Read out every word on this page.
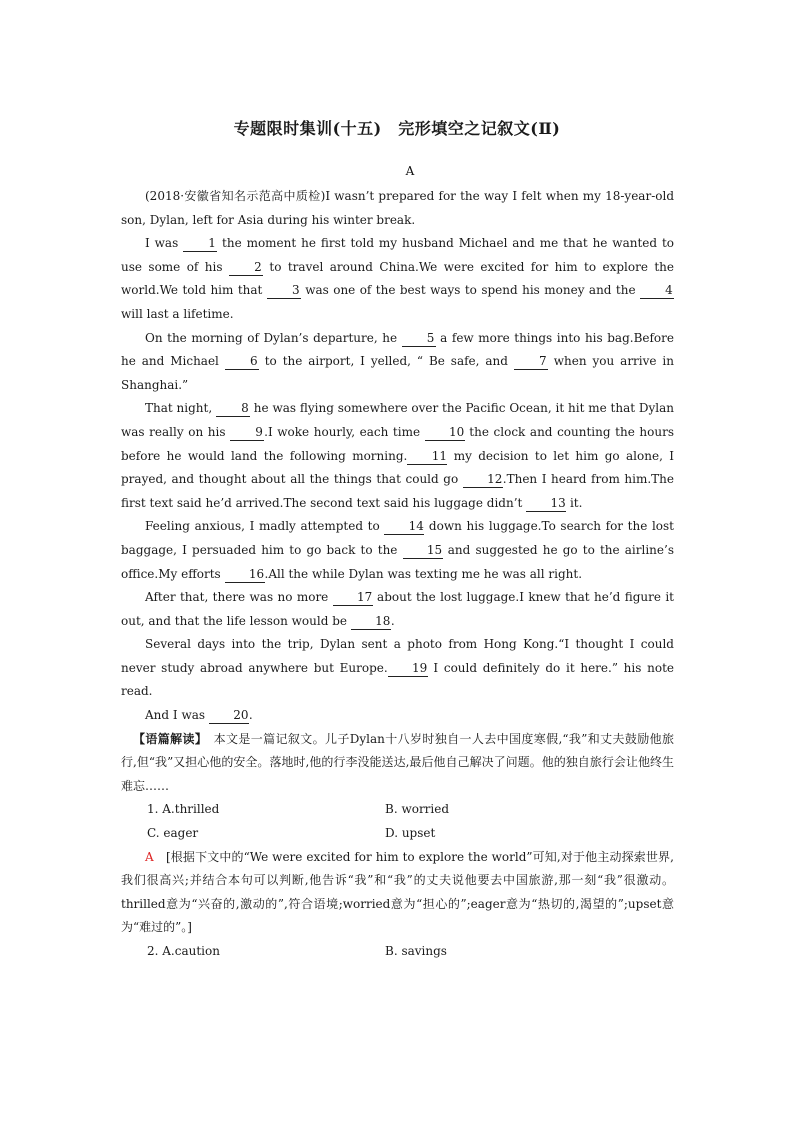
专题限时集训(十五)　完形填空之记叙文(Ⅱ)
A

(2018·安徽省知名示范高中质检)I wasn’t prepared for the way I felt when my 18-year-old son, Dylan, left for Asia during his winter break.

I was 1 the moment he first told my husband Michael and me that he wanted to use some of his 2 to travel around China.We were excited for him to explore the world.We told him that 3 was one of the best ways to spend his money and the 4 will last a lifetime.

On the morning of Dylan’s departure, he 5 a few more things into his bag.Before he and Michael 6 to the airport, I yelled, “ Be safe, and 7 when you arrive in Shanghai.”

That night, 8 he was flying somewhere over the Pacific Ocean, it hit me that Dylan was really on his 9.I woke hourly, each time 10 the clock and counting the hours before he would land the following morning. 11 my decision to let him go alone, I prayed, and thought about all the things that could go 12.Then I heard from him.The first text said he’d arrived.The second text said his luggage didn’t 13 it.

Feeling anxious, I madly attempted to 14 down his luggage.To search for the lost baggage, I persuaded him to go back to the 15 and suggested he go to the airline’s office.My efforts 16.All the while Dylan was texting me he was all right.

After that, there was no more 17 about the lost luggage.I knew that he’d figure it out, and that the life lesson would be 18.

Several days into the trip, Dylan sent a photo from Hong Kong.“I thought I could never study abroad anywhere but Europe. 19 I could definitely do it here.” his note read.

And I was 20.

【语篇解读】　本文是一篇记叙文。儿子Dylan十八岁时独自一人去中国度寒假,“我”和丈夫鼓励他旅行,但“我”又担心他的安全。落地时,他的行李没能送达,最后他自己解决了问题。他的独自旅行会让他终生难忘……

1. A.thrilled	B. worried
C. eager	D. upset

A　[根据下文中的“We were excited for him to explore the world”可知,对于他主动探索世界,我们很高兴;并结合本句可以判断,他告诉“我”和“我”的丈夫说他要去中国旅游,那一刻“我”很激动。thrilled意为“兴奋的,激动的”,符合语境;worried意为“担心的”;eager意为“热切的,渴望的”;upset意为“难过的”。]

2. A.caution	B. savings
